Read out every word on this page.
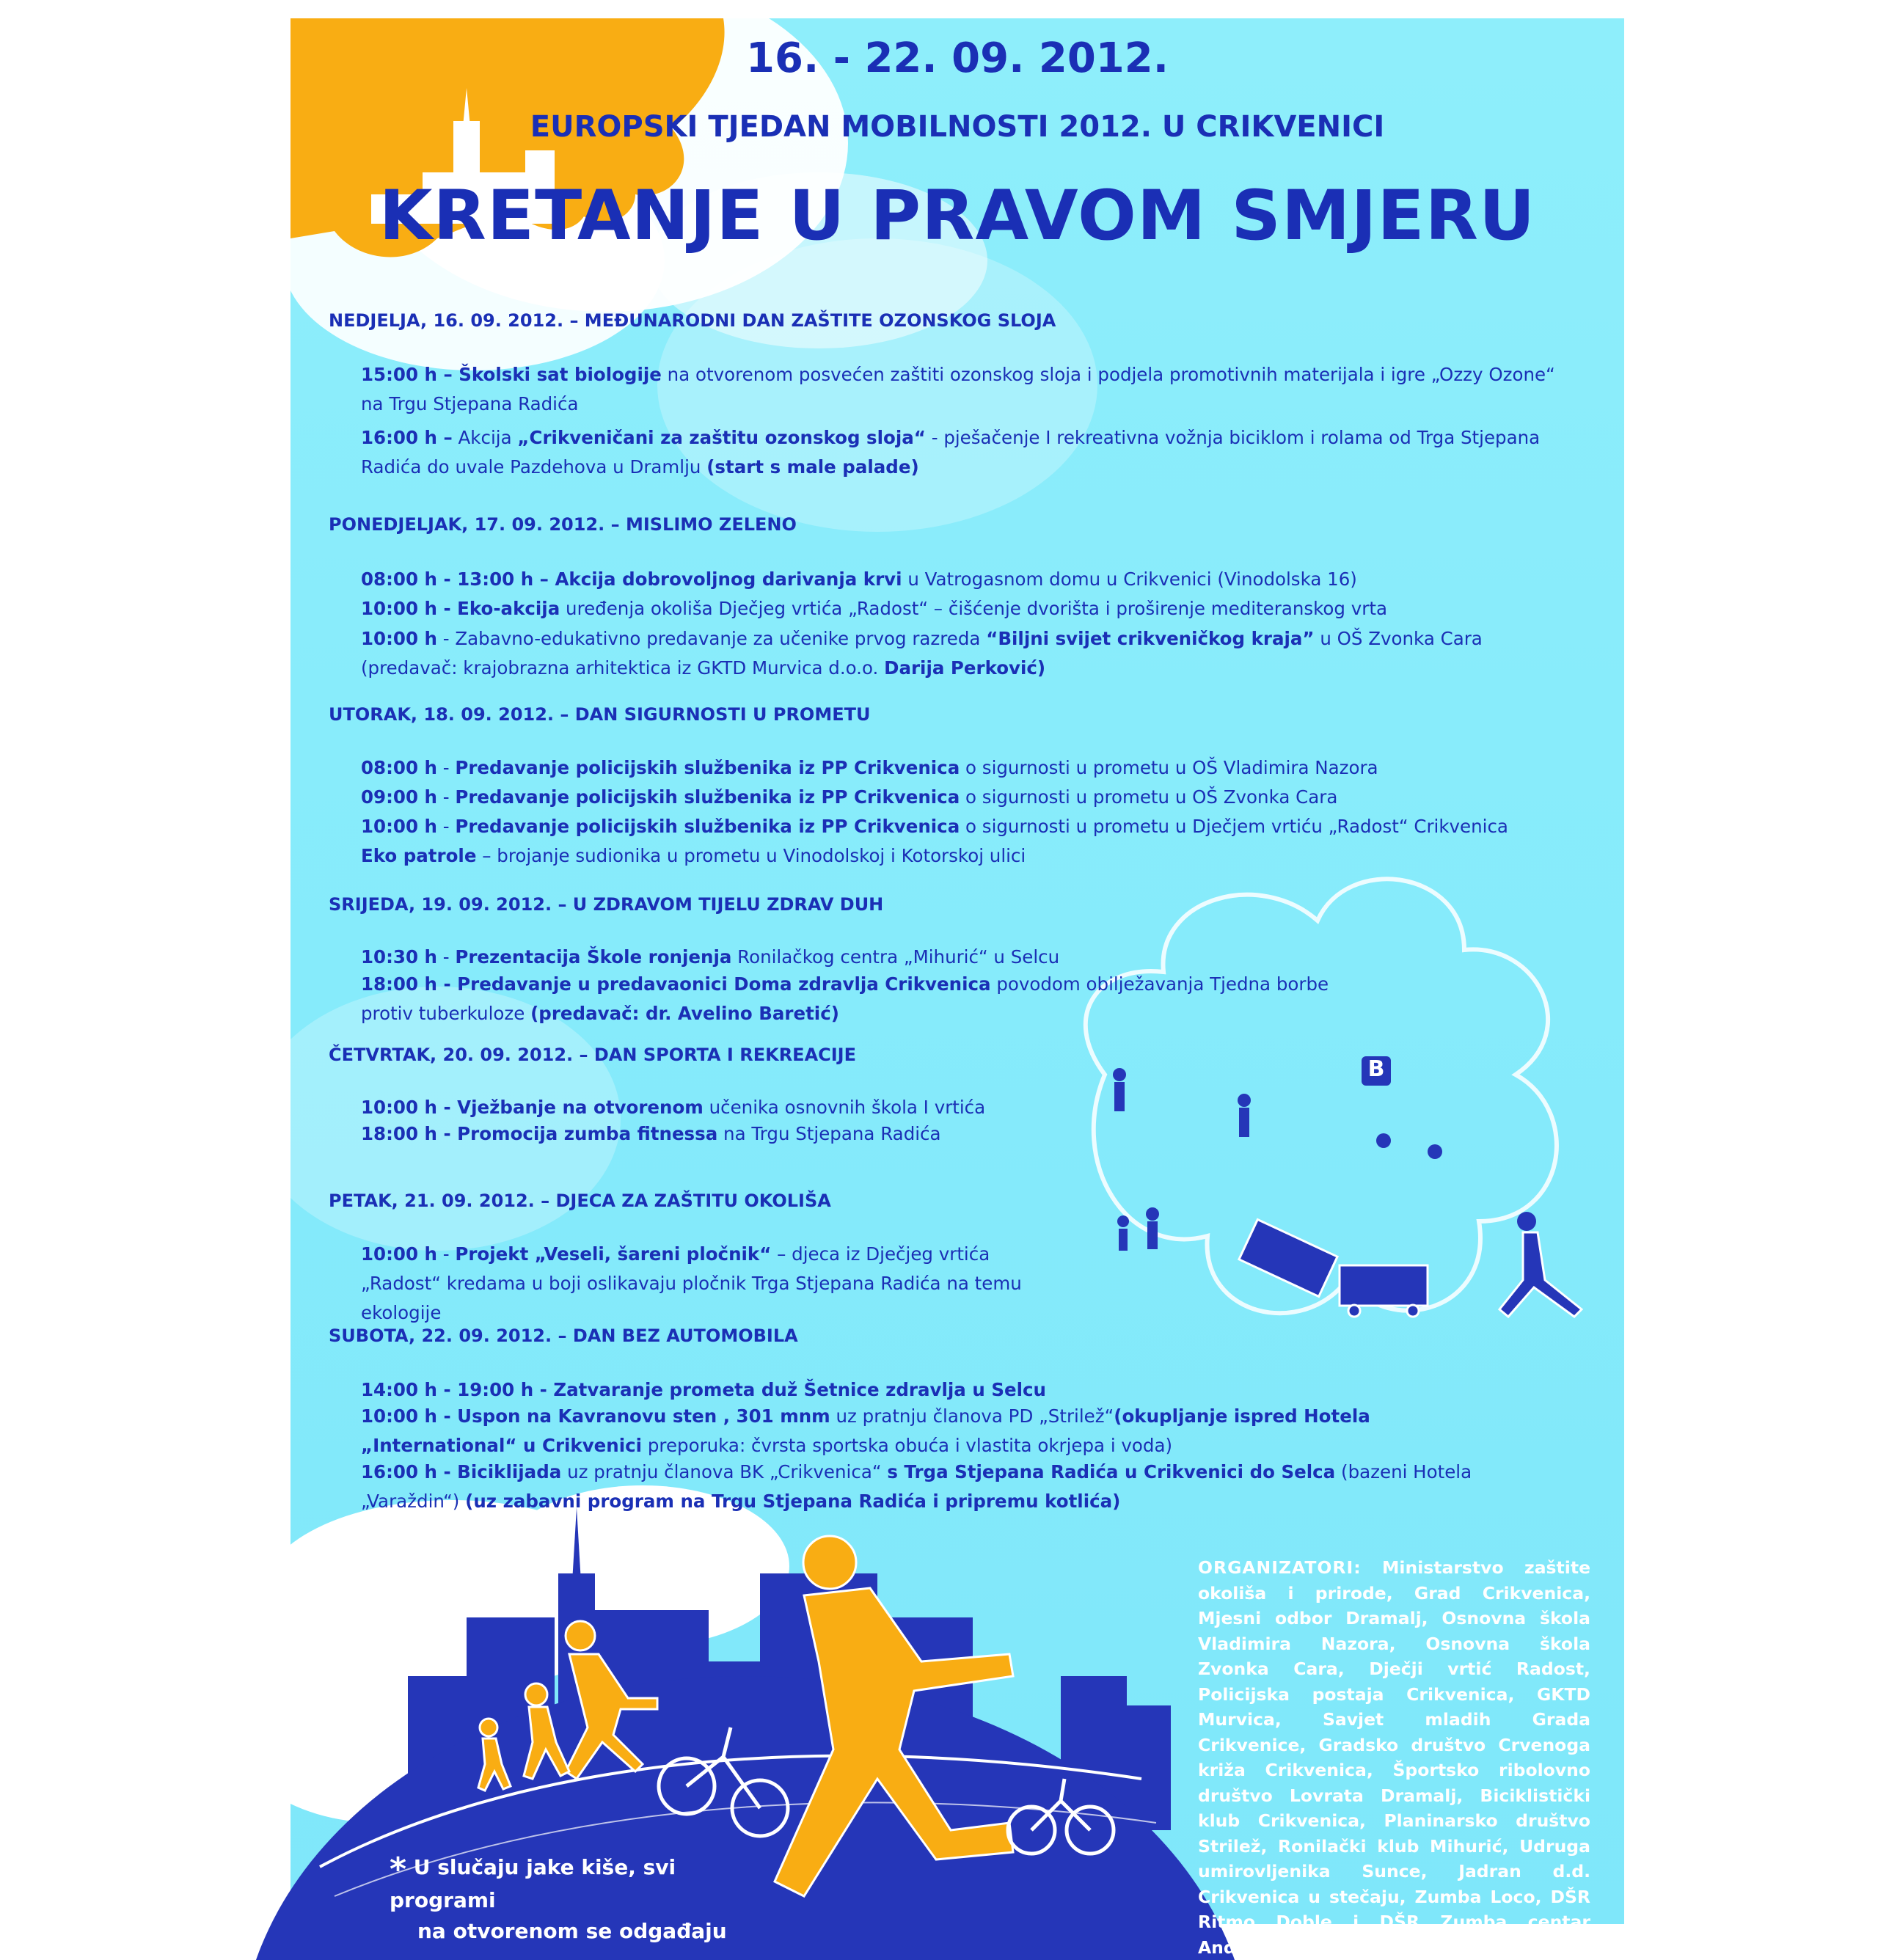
16. - 22. 09. 2012.
EUROPSKI TJEDAN MOBILNOSTI 2012. U CRIKVENICI
KRETANJE U PRAVOM SMJERU
NEDJELJA, 16. 09. 2012. – MEĐUNARODNI DAN ZAŠTITE OZONSKOG SLOJA
15:00 h – Školski sat biologije na otvorenom posvećen zaštiti ozonskog sloja i podjela promotivnih materijala i igre „Ozzy Ozone“ na Trgu Stjepana Radića
16:00 h – Akcija „Crikveničani za zaštitu ozonskog sloja“ - pješačenje I rekreativna vožnja biciklom i rolama od Trga Stjepana Radića do uvale Pazdehova u Dramlju (start s male palade)
PONEDJELJAK, 17. 09. 2012. – MISLIMO ZELENO
08:00 h - 13:00 h – Akcija dobrovoljnog darivanja krvi u Vatrogasnom domu u Crikvenici (Vinodolska 16)
10:00 h - Eko-akcija uređenja okoliša Dječjeg vrtića „Radost“ – čišćenje dvorišta i proširenje mediteranskog vrta
10:00 h - Zabavno-edukativno predavanje za učenike prvog razreda “Biljni svijet crikveničkog kraja” u OŠ Zvonka Cara (predavač: krajobrazna arhitektica iz GKTD Murvica d.o.o. Darija Perković)
UTORAK, 18. 09. 2012. – DAN SIGURNOSTI U PROMETU
08:00 h - Predavanje policijskih službenika iz PP Crikvenica o sigurnosti u prometu u OŠ Vladimira Nazora
09:00 h - Predavanje policijskih službenika iz PP Crikvenica o sigurnosti u prometu u OŠ Zvonka Cara
10:00 h - Predavanje policijskih službenika iz PP Crikvenica o sigurnosti u prometu u Dječjem vrtiću „Radost“ Crikvenica
Eko patrole – brojanje sudionika u prometu u Vinodolskoj i Kotorskoj ulici
SRIJEDA, 19. 09. 2012. – U ZDRAVOM TIJELU ZDRAV DUH
10:30 h - Prezentacija Škole ronjenja Ronilačkog centra „Mihurić“ u Selcu
18:00 h - Predavanje u predavaonici Doma zdravlja Crikvenica povodom obilježavanja Tjedna borbe protiv tuberkuloze (predavač: dr. Avelino Baretić)
ČETVRTAK, 20. 09. 2012. – DAN SPORTA I REKREACIJE
10:00 h - Vježbanje na otvorenom učenika osnovnih škola I vrtića
18:00 h - Promocija zumba fitnessa na Trgu Stjepana Radića
PETAK, 21. 09. 2012. – DJECA ZA ZAŠTITU OKOLIŠA
10:00 h - Projekt „Veseli, šareni pločnik“ – djeca iz Dječjeg vrtića „Radost“ kredama u boji oslikavaju pločnik Trga Stjepana Radića na temu ekologije
SUBOTA, 22. 09. 2012. – DAN BEZ AUTOMOBILA
14:00 h - 19:00 h - Zatvaranje prometa duž Šetnice zdravlja u Selcu
10:00 h - Uspon na Kavranovu sten , 301 mnm uz pratnju članova PD „Strilež“(okupljanje ispred Hotela „International“ u Crikvenici preporuka: čvrsta sportska obuća i vlastita okrjepa i voda)
16:00 h - Biciklijada uz pratnju članova BK „Crikvenica“ s Trga Stjepana Radića u Crikvenici do Selca (bazeni Hotela „Varaždin“) (uz zabavni program na Trgu Stjepana Radića i pripremu kotlića)
ORGANIZATORI: Ministarstvo zaštite okoliša i prirode, Grad Crikvenica, Mjesni odbor Dramalj, Osnovna škola Vladimira Nazora, Osnovna škola Zvonka Cara, Dječji vrtić Radost, Policijska postaja Crikvenica, GKTD Murvica, Savjet mladih Grada Crikvenice, Gradsko društvo Crvenoga križa Crikvenica, Športsko ribolovno društvo Lovrata Dramalj, Biciklistički klub Crikvenica, Planinarsko društvo Strilež, Ronilački klub Mihurić, Udruga umirovljenika Sunce, Jadran d.d. Crikvenica u stečaju, Zumba Loco, DŠR Ritmo Doble i DŠR Zumba centar Andrea
* U slučaju jake kiše, svi programi
na otvorenom se odgađaju
B
